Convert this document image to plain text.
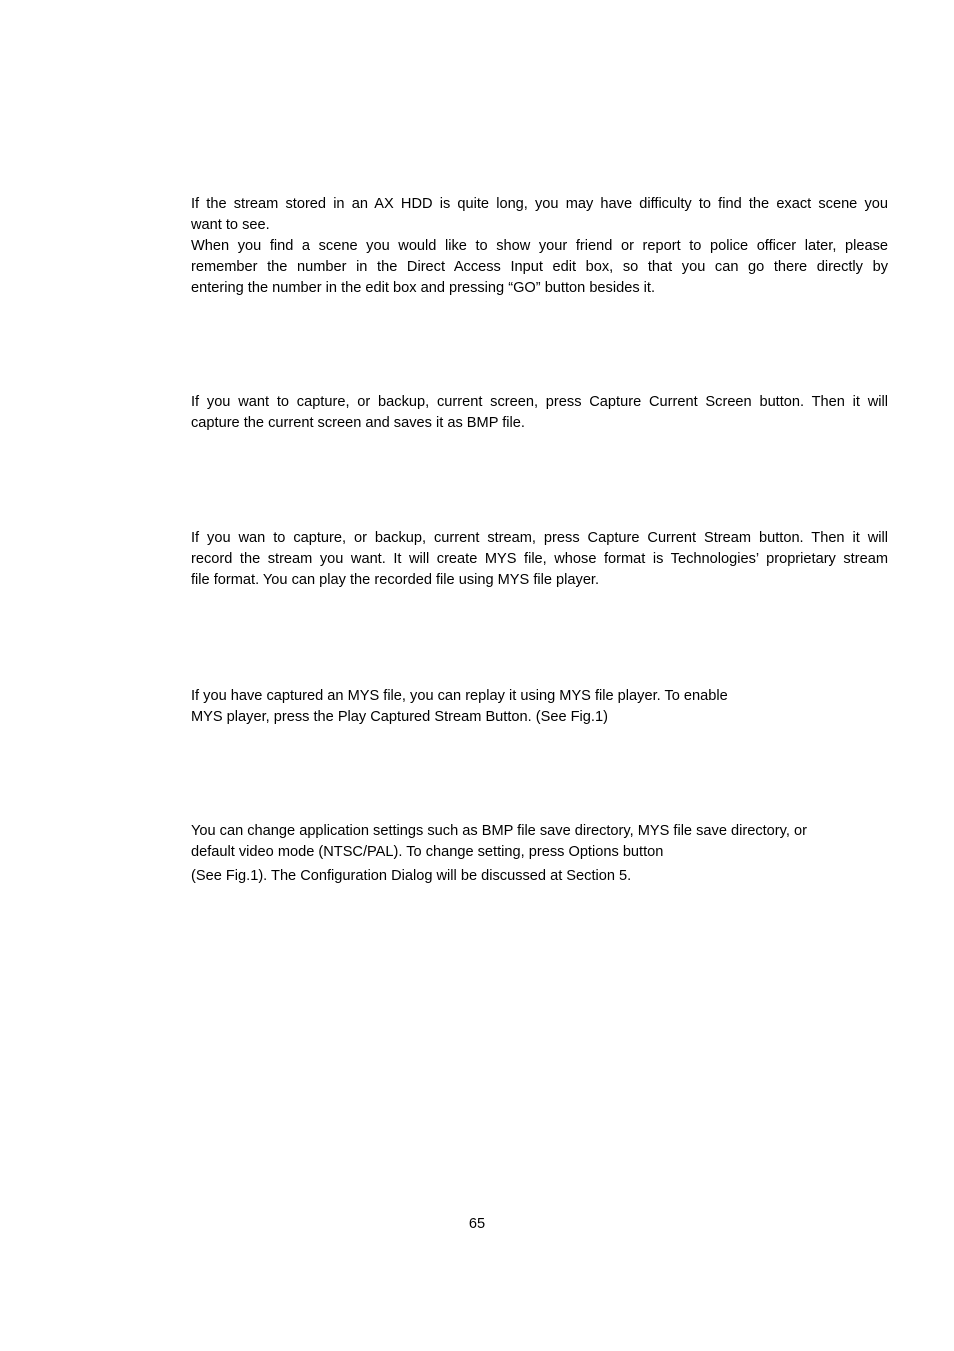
If the stream stored in an AX HDD is quite long, you may have difficulty to find the exact scene you
want to see.

When you find a scene you would like to show your friend or report to police officer later, please
remember the number in the Direct Access Input edit box, so that you can go there directly by
entering the number in the edit box and pressing “GO” button besides it.

If you want to capture, or backup, current screen, press Capture Current Screen button. Then it will
capture the current screen and saves it as BMP file.

If you wan to capture, or backup, current stream, press Capture Current Stream button. Then it will
record the stream you want. It will create MYS file, whose format is Technologies’ proprietary stream
file format. You can play the recorded file using MYS file player.

If you have captured an MYS file, you can replay it using MYS file player. To enable
MYS player, press the Play Captured Stream Button. (See Fig.1)

You can change application settings such as BMP file save directory, MYS file save directory, or
default video mode (NTSC/PAL). To change setting, press Options button
(See Fig.1). The Configuration Dialog will be discussed at Section 5.

65
